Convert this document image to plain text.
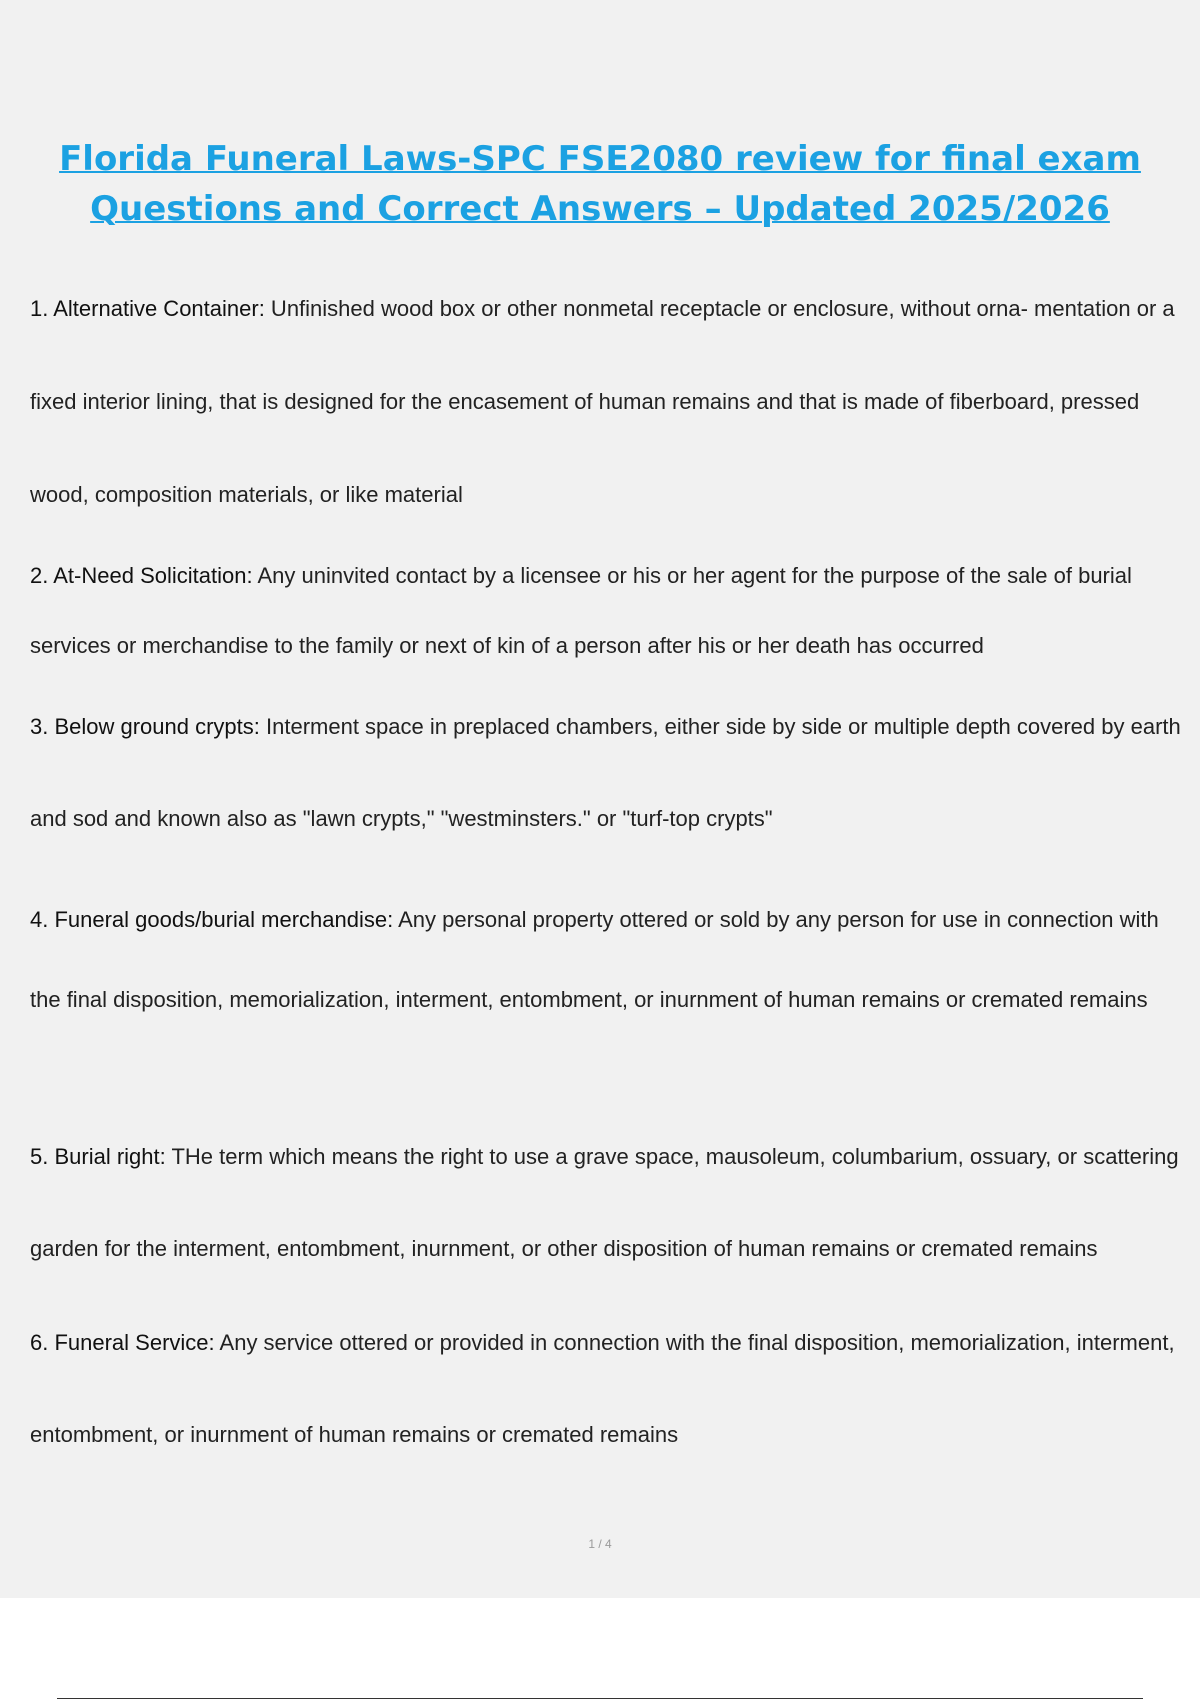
Florida Funeral Laws-SPC FSE2080 review for final exam
Questions and Correct Answers – Updated 2025/2026

1. Alternative Container: Unfinished wood box or other nonmetal receptacle or enclosure, without orna- mentation or a fixed interior lining, that is designed for the encasement of human remains and that is made of fiberboard, pressed wood, composition materials, or like material

2. At-Need Solicitation: Any uninvited contact by a licensee or his or her agent for the purpose of the sale of burial services or merchandise to the family or next of kin of a person after his or her death has occurred

3. Below ground crypts: Interment space in preplaced chambers, either side by side or multiple depth covered by earth and sod and known also as "lawn crypts," "westminsters." or "turf-top crypts"

4. Funeral goods/burial merchandise: Any personal property ottered or sold by any person for use in connection with the final disposition, memorialization, interment, entombment, or inurnment of human remains or cremated remains

5. Burial right: THe term which means the right to use a grave space, mausoleum, columbarium, ossuary, or scattering garden for the interment, entombment, inurnment, or other disposition of human remains or cremated remains

6. Funeral Service: Any service ottered or provided in connection with the final disposition, memorialization, interment, entombment, or inurnment of human remains or cremated remains

1 / 4
